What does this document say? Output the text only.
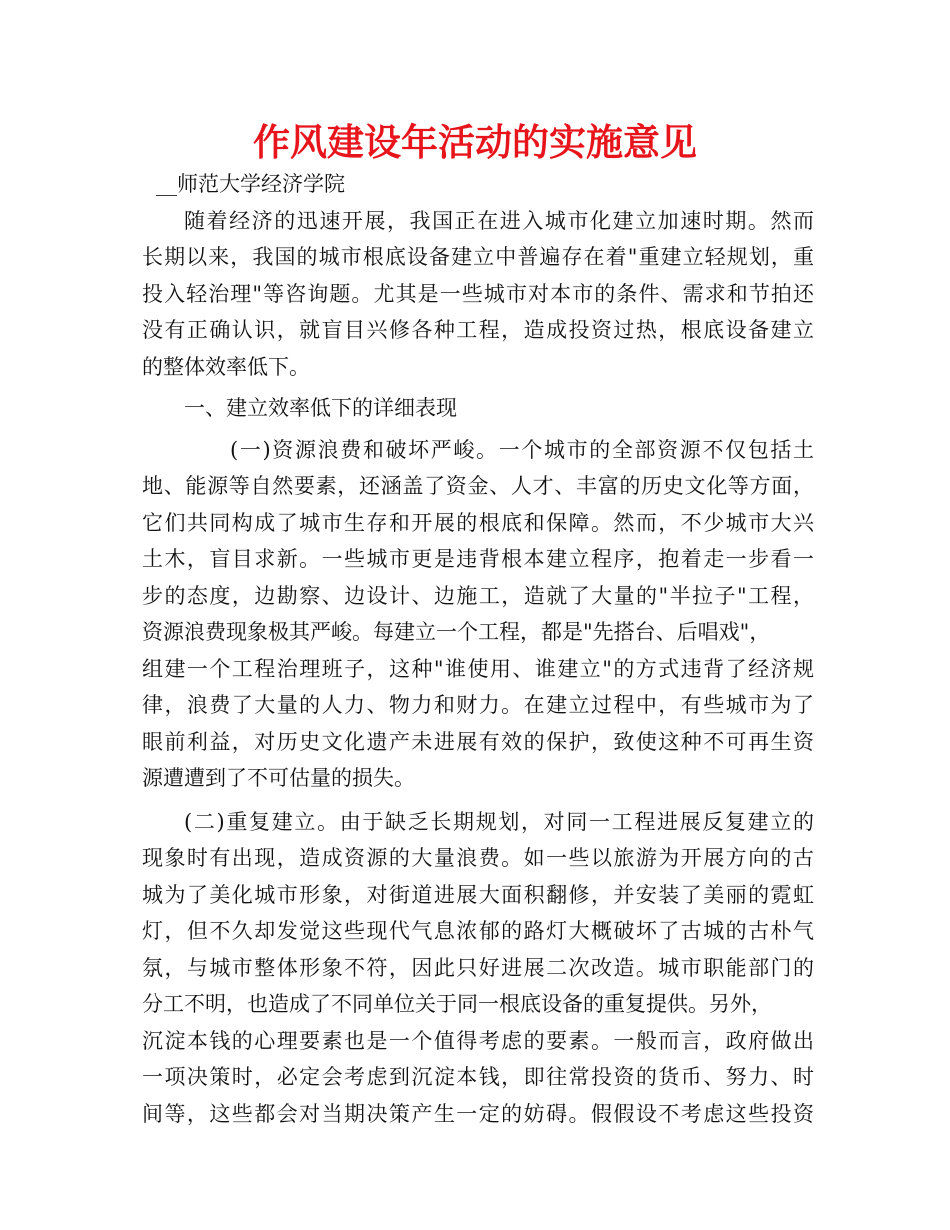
作风建设年活动的实施意见
__师范大学经济学院
随着经济的迅速开展，我国正在进入城市化建立加速时期。然而
长期以来，我国的城市根底设备建立中普遍存在着"重建立轻规划，重
投入轻治理"等咨询题。尤其是一些城市对本市的条件、需求和节拍还
没有正确认识，就盲目兴修各种工程，造成投资过热，根底设备建立
的整体效率低下。
一、建立效率低下的详细表现
(一)资源浪费和破坏严峻。一个城市的全部资源不仅包括土
地、能源等自然要素，还涵盖了资金、人才、丰富的历史文化等方面，
它们共同构成了城市生存和开展的根底和保障。然而，不少城市大兴
土木，盲目求新。一些城市更是违背根本建立程序，抱着走一步看一
步的态度，边勘察、边设计、边施工，造就了大量的"半拉子"工程，
资源浪费现象极其严峻。每建立一个工程，都是"先搭台、后唱戏"，
组建一个工程治理班子，这种"谁使用、谁建立"的方式违背了经济规
律，浪费了大量的人力、物力和财力。在建立过程中，有些城市为了
眼前利益，对历史文化遗产未进展有效的保护，致使这种不可再生资
源遭遭到了不可估量的损失。
(二)重复建立。由于缺乏长期规划，对同一工程进展反复建立的
现象时有出现，造成资源的大量浪费。如一些以旅游为开展方向的古
城为了美化城市形象，对街道进展大面积翻修，并安装了美丽的霓虹
灯，但不久却发觉这些现代气息浓郁的路灯大概破坏了古城的古朴气
氛，与城市整体形象不符，因此只好进展二次改造。城市职能部门的
分工不明，也造成了不同单位关于同一根底设备的重复提供。另外，
沉淀本钱的心理要素也是一个值得考虑的要素。一般而言，政府做出
一项决策时，必定会考虑到沉淀本钱，即往常投资的货币、努力、时
间等，这些都会对当期决策产生一定的妨碍。假假设不考虑这些投资
